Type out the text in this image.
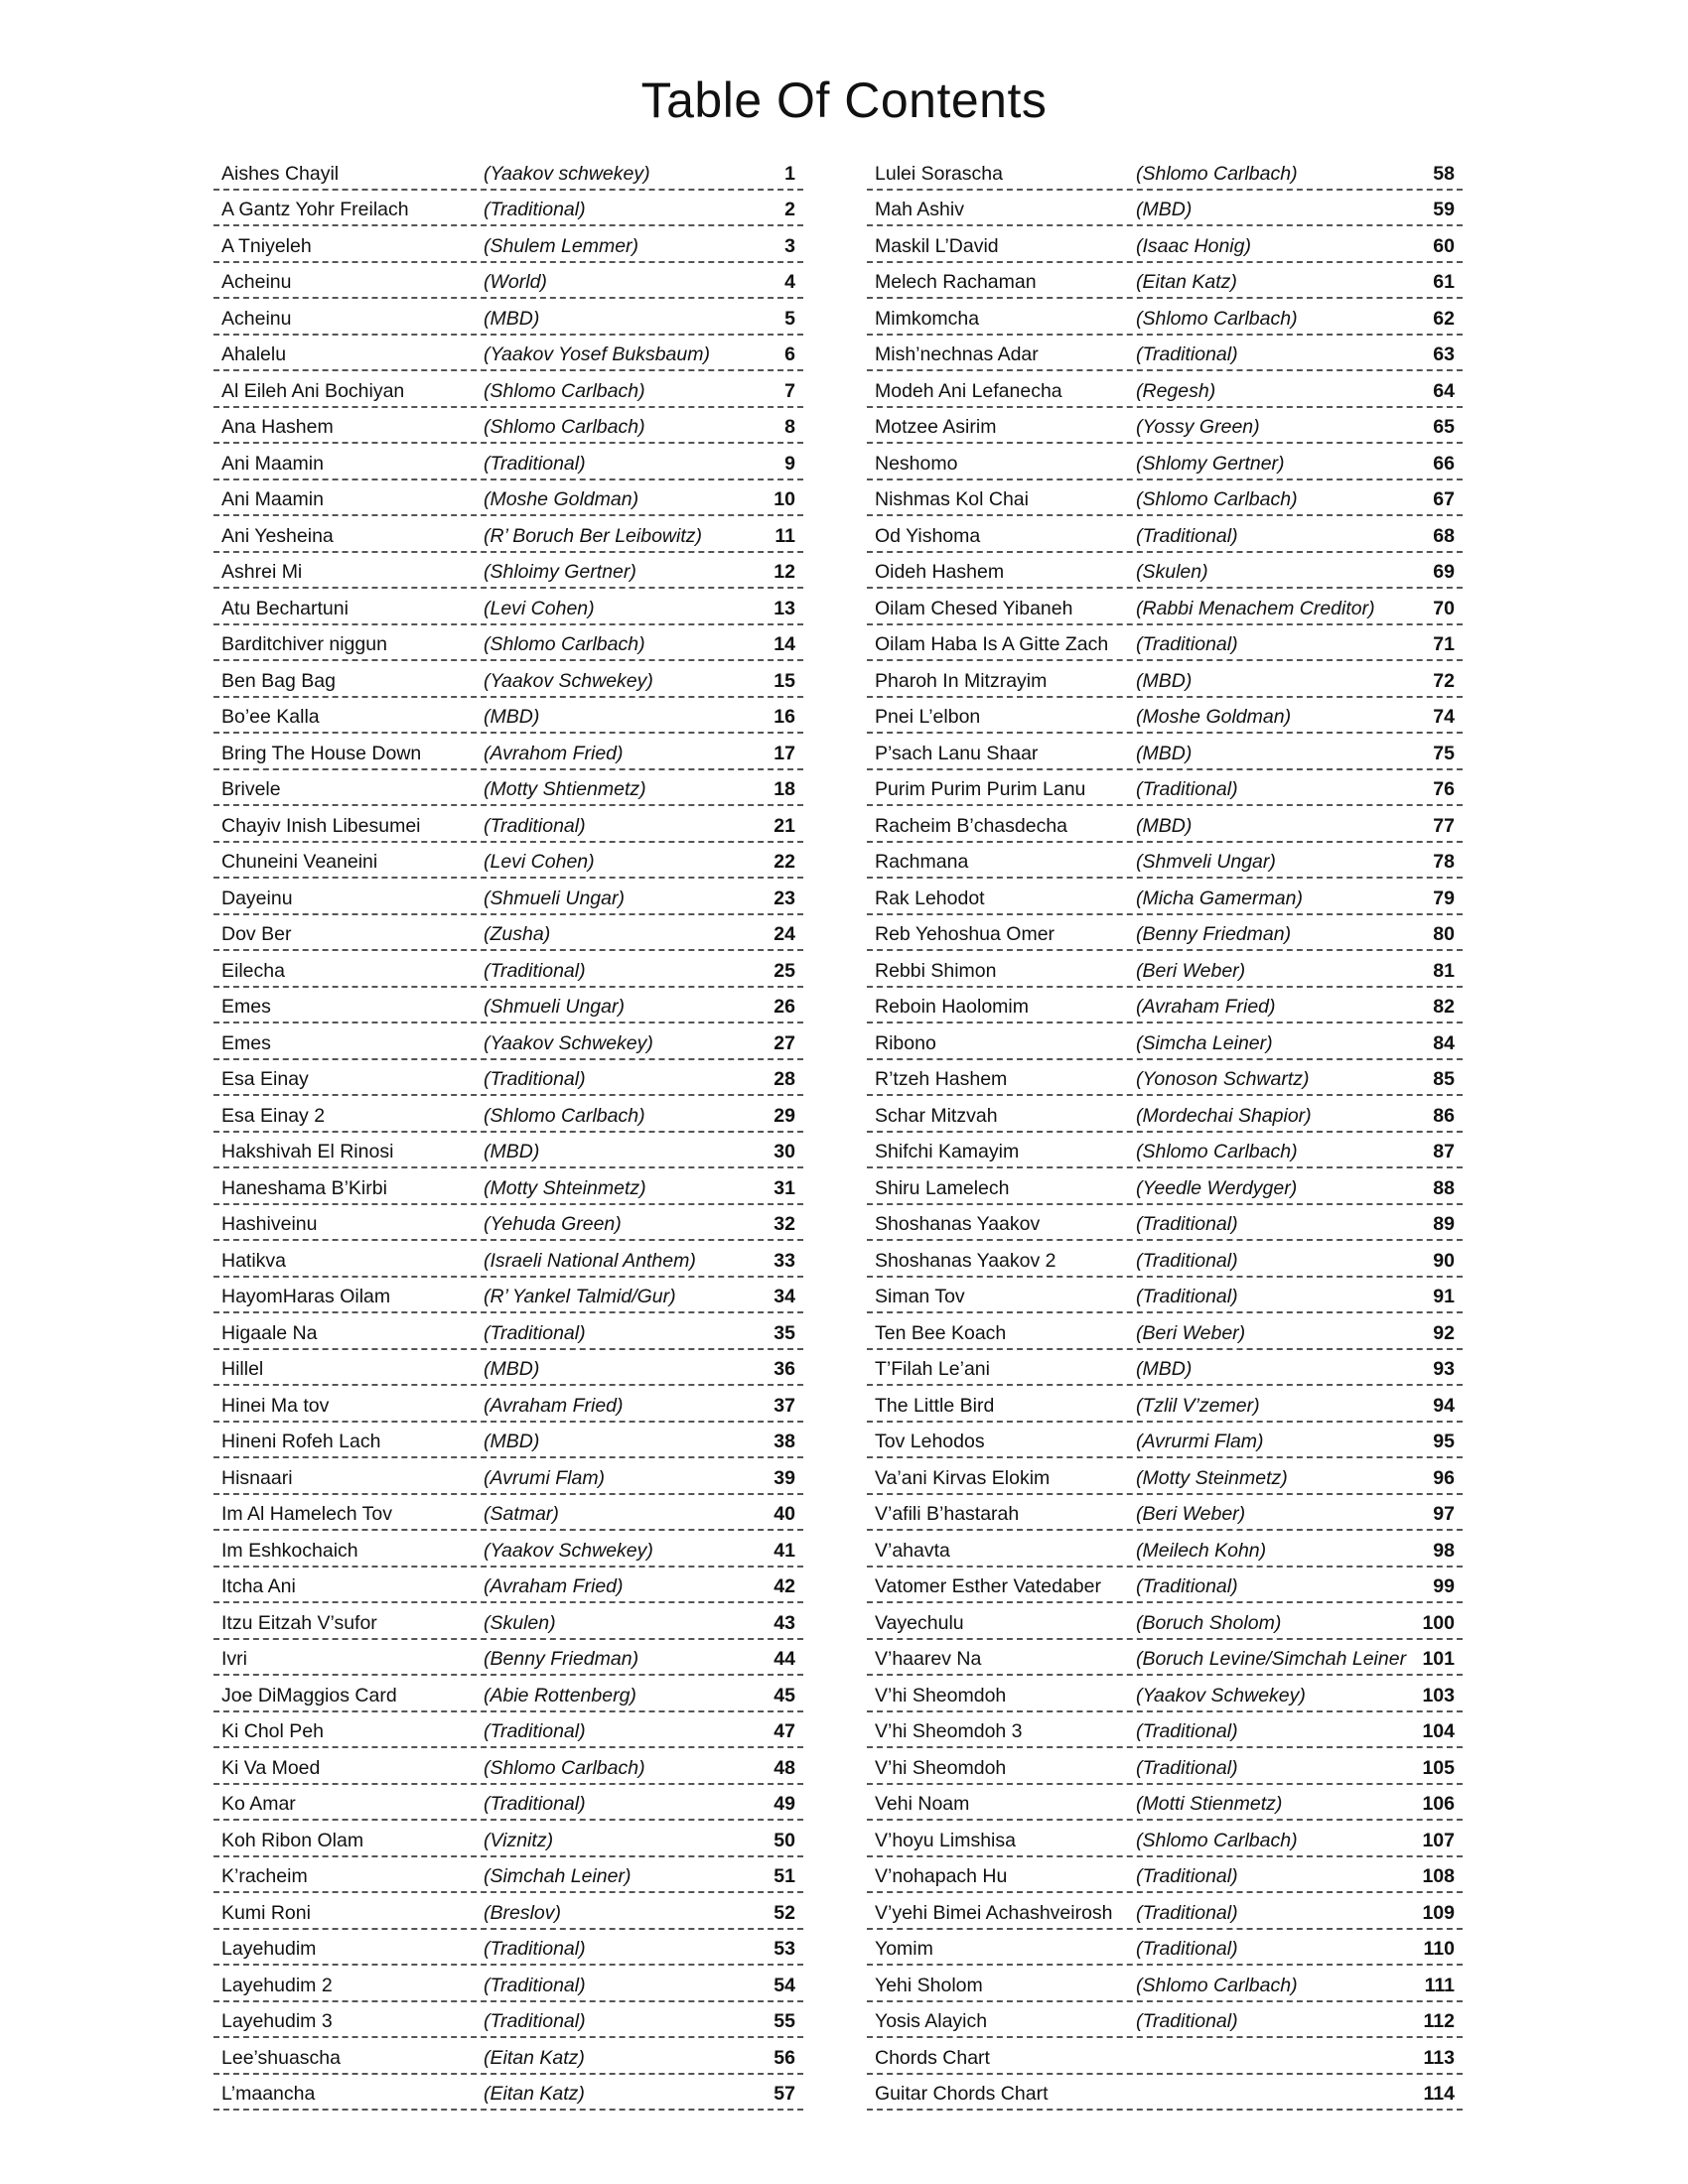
Table Of Contents
Aishes Chayil	(Yaakov schwekey)	1
A Gantz Yohr Freilach	(Traditional)	2
A Tniyeleh	(Shulem Lemmer)	3
Acheinu	(World)	4
Acheinu	(MBD)	5
Ahalelu	(Yaakov Yosef Buksbaum)	6
Al Eileh Ani Bochiyan	(Shlomo Carlbach)	7
Ana Hashem	(Shlomo Carlbach)	8
Ani Maamin	(Traditional)	9
Ani Maamin	(Moshe Goldman)	10
Ani Yesheina	(R’ Boruch Ber Leibowitz)	11
Ashrei Mi	(Shloimy Gertner)	12
Atu Bechartuni	(Levi Cohen)	13
Barditchiver niggun	(Shlomo Carlbach)	14
Ben Bag Bag	(Yaakov Schwekey)	15
Bo’ee Kalla	(MBD)	16
Bring The House Down	(Avrahom Fried)	17
Brivele	(Motty Shtienmetz)	18
Chayiv Inish Libesumei	(Traditional)	21
Chuneini Veaneini	(Levi Cohen)	22
Dayeinu	(Shmueli Ungar)	23
Dov Ber	(Zusha)	24
Eilecha	(Traditional)	25
Emes	(Shmueli Ungar)	26
Emes	(Yaakov Schwekey)	27
Esa Einay	(Traditional)	28
Esa Einay 2	(Shlomo Carlbach)	29
Hakshivah El Rinosi	(MBD)	30
Haneshama B’Kirbi	(Motty Shteinmetz)	31
Hashiveinu	(Yehuda Green)	32
Hatikva	(Israeli National Anthem)	33
HayomHaras Oilam	(R’ Yankel Talmid/Gur)	34
Higaale Na	(Traditional)	35
Hillel	(MBD)	36
Hinei Ma tov	(Avraham Fried)	37
Hineni Rofeh Lach	(MBD)	38
Hisnaari	(Avrumi Flam)	39
Im Al Hamelech Tov	(Satmar)	40
Im Eshkochaich	(Yaakov Schwekey)	41
Itcha Ani	(Avraham Fried)	42
Itzu Eitzah V’sufor	(Skulen)	43
Ivri	(Benny Friedman)	44
Joe DiMaggios Card	(Abie Rottenberg)	45
Ki Chol Peh	(Traditional)	47
Ki Va Moed	(Shlomo Carlbach)	48
Ko Amar	(Traditional)	49
Koh Ribon Olam	(Viznitz)	50
K’racheim	(Simchah Leiner)	51
Kumi Roni	(Breslov)	52
Layehudim	(Traditional)	53
Layehudim 2	(Traditional)	54
Layehudim 3	(Traditional)	55
Lee’shuascha	(Eitan Katz)	56
L’maancha	(Eitan Katz)	57
Lulei Sorascha	(Shlomo Carlbach)	58
Mah Ashiv	(MBD)	59
Maskil L’David	(Isaac Honig)	60
Melech Rachaman	(Eitan Katz)	61
Mimkomcha	(Shlomo Carlbach)	62
Mish’nechnas Adar	(Traditional)	63
Modeh Ani Lefanecha	(Regesh)	64
Motzee Asirim	(Yossy Green)	65
Neshomo	(Shlomy Gertner)	66
Nishmas Kol Chai	(Shlomo Carlbach)	67
Od Yishoma	(Traditional)	68
Oideh Hashem	(Skulen)	69
Oilam Chesed Yibaneh	(Rabbi Menachem Creditor)	70
Oilam Haba Is A Gitte Zach (Traditional)	71
Pharoh In Mitzrayim	(MBD)	72
Pnei L’elbon	(Moshe Goldman)	74
P’sach Lanu Shaar	(MBD)	75
Purim Purim Purim Lanu	(Traditional)	76
Racheim B’chasdecha	(MBD)	77
Rachmana	(Shmveli Ungar)	78
Rak Lehodot	(Micha Gamerman)	79
Reb Yehoshua Omer	(Benny Friedman)	80
Rebbi Shimon	(Beri Weber)	81
Reboin Haolomim	(Avraham Fried)	82
Ribono	(Simcha Leiner)	84
R’tzeh Hashem	(Yonoson Schwartz)	85
Schar Mitzvah	(Mordechai Shapior)	86
Shifchi Kamayim	(Shlomo Carlbach)	87
Shiru Lamelech	(Yeedle Werdyger)	88
Shoshanas Yaakov	(Traditional)	89
Shoshanas Yaakov 2	(Traditional)	90
Siman Tov	(Traditional)	91
Ten Bee Koach	(Beri Weber)	92
T’Filah Le’ani	(MBD)	93
The Little Bird	(Tzlil V’zemer)	94
Tov Lehodos	(Avrurmi Flam)	95
Va’ani Kirvas Elokim	(Motty Steinmetz)	96
V’afili B’hastarah	(Beri Weber)	97
V’ahavta	(Meilech Kohn)	98
Vatomer Esther Vatedaber (Traditional)	99
Vayechulu	(Boruch Sholom)	100
V’haarev Na	(Boruch Levine/Simchah Leiner 101
V’hi Sheomdoh	(Yaakov Schwekey)	103
V’hi Sheomdoh 3	(Traditional)	104
V’hi Sheomdoh	(Traditional)	105
Vehi Noam	(Motti Stienmetz)	106
V’hoyu Limshisa	(Shlomo Carlbach)	107
V’nohapach Hu	(Traditional)	108
V’yehi Bimei Achashveirosh (Traditional)	109
Yomim	(Traditional)	110
Yehi Sholom	(Shlomo Carlbach)	111
Yosis Alayich	(Traditional)	112
Chords Chart	113
Guitar Chords Chart	114
